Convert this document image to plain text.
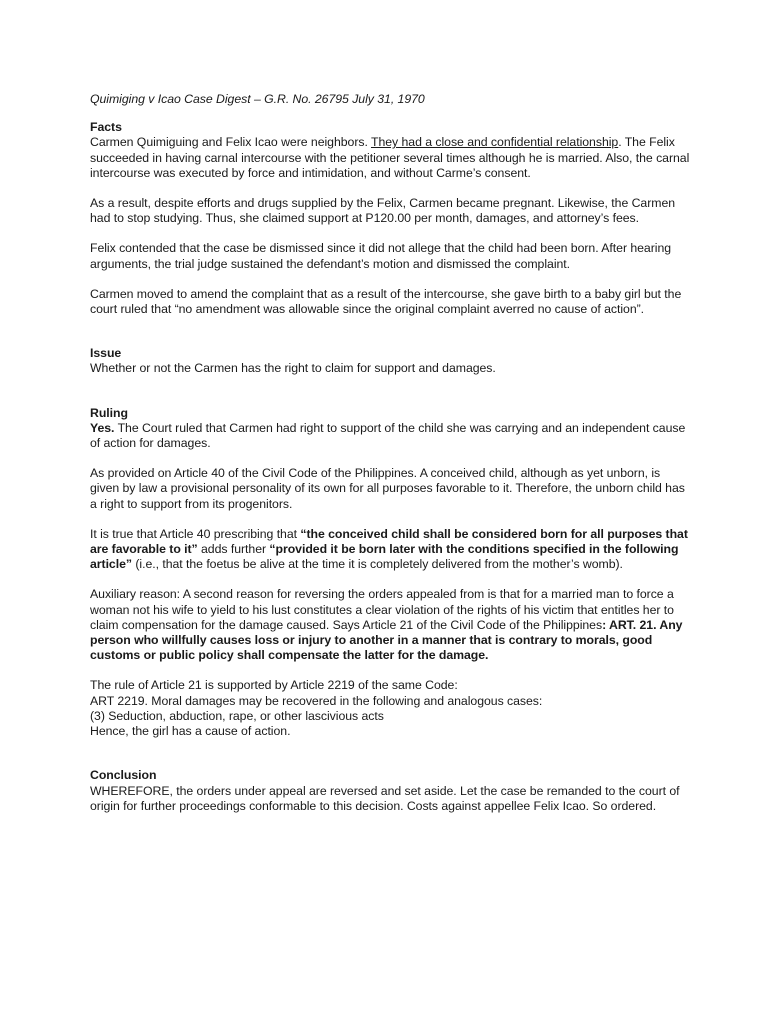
Quimiging v Icao Case Digest – G.R. No. 26795 July 31, 1970

Facts

Carmen Quimiguing and Felix Icao were neighbors. They had a close and confidential relationship. The Felix succeeded in having carnal intercourse with the petitioner several times although he is married. Also, the carnal intercourse was executed by force and intimidation, and without Carme’s consent.

As a result, despite efforts and drugs supplied by the Felix, Carmen became pregnant. Likewise, the Carmen had to stop studying. Thus, she claimed support at P120.00 per month, damages, and attorney’s fees.

Felix contended that the case be dismissed since it did not allege that the child had been born. After hearing arguments, the trial judge sustained the defendant’s motion and dismissed the complaint.

Carmen moved to amend the complaint that as a result of the intercourse, she gave birth to a baby girl but the court ruled that “no amendment was allowable since the original complaint averred no cause of action”.

Issue

Whether or not the Carmen has the right to claim for support and damages.

Ruling

Yes. The Court ruled that Carmen had right to support of the child she was carrying and an independent cause of action for damages.

As provided on Article 40 of the Civil Code of the Philippines. A conceived child, although as yet unborn, is given by law a provisional personality of its own for all purposes favorable to it. Therefore, the unborn child has a right to support from its progenitors.

It is true that Article 40 prescribing that “the conceived child shall be considered born for all purposes that are favorable to it” adds further “provided it be born later with the conditions specified in the following article” (i.e., that the foetus be alive at the time it is completely delivered from the mother’s womb).

Auxiliary reason: A second reason for reversing the orders appealed from is that for a married man to force a woman not his wife to yield to his lust constitutes a clear violation of the rights of his victim that entitles her to claim compensation for the damage caused. Says Article 21 of the Civil Code of the Philippines: ART. 21. Any person who willfully causes loss or injury to another in a manner that is contrary to morals, good customs or public policy shall compensate the latter for the damage.

The rule of Article 21 is supported by Article 2219 of the same Code:

ART 2219. Moral damages may be recovered in the following and analogous cases:

(3) Seduction, abduction, rape, or other lascivious acts

Hence, the girl has a cause of action.

Conclusion

WHEREFORE, the orders under appeal are reversed and set aside. Let the case be remanded to the court of origin for further proceedings conformable to this decision. Costs against appellee Felix Icao. So ordered.
